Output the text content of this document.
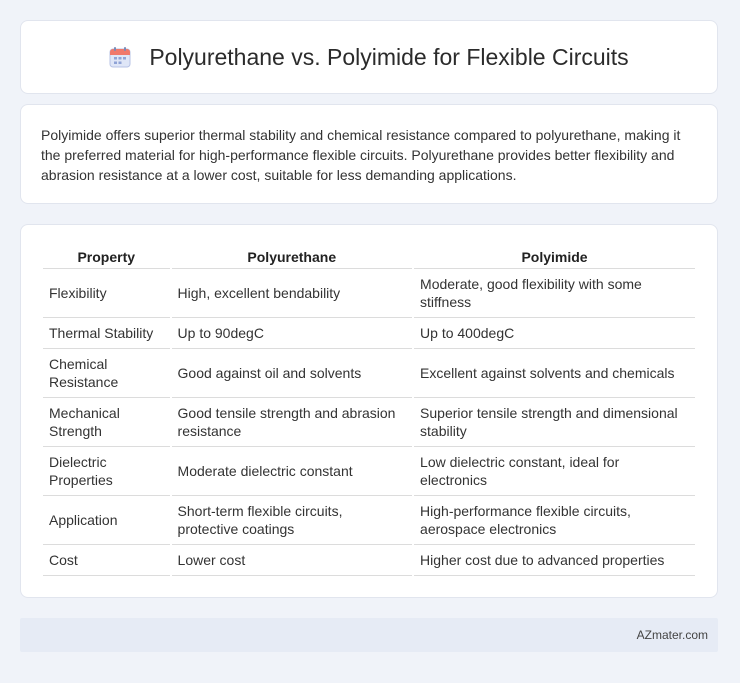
Polyurethane vs. Polyimide for Flexible Circuits

Polyimide offers superior thermal stability and chemical resistance compared to polyurethane, making it the preferred material for high-performance flexible circuits. Polyurethane provides better flexibility and abrasion resistance at a lower cost, suitable for less demanding applications.

Property	Polyurethane	Polyimide
Flexibility	High, excellent bendability	Moderate, good flexibility with some stiffness
Thermal Stability	Up to 90degC	Up to 400degC
Chemical Resistance	Good against oil and solvents	Excellent against solvents and chemicals
Mechanical Strength	Good tensile strength and abrasion resistance	Superior tensile strength and dimensional stability
Dielectric Properties	Moderate dielectric constant	Low dielectric constant, ideal for electronics
Application	Short-term flexible circuits, protective coatings	High-performance flexible circuits, aerospace electronics
Cost	Lower cost	Higher cost due to advanced properties
AZmater.com
